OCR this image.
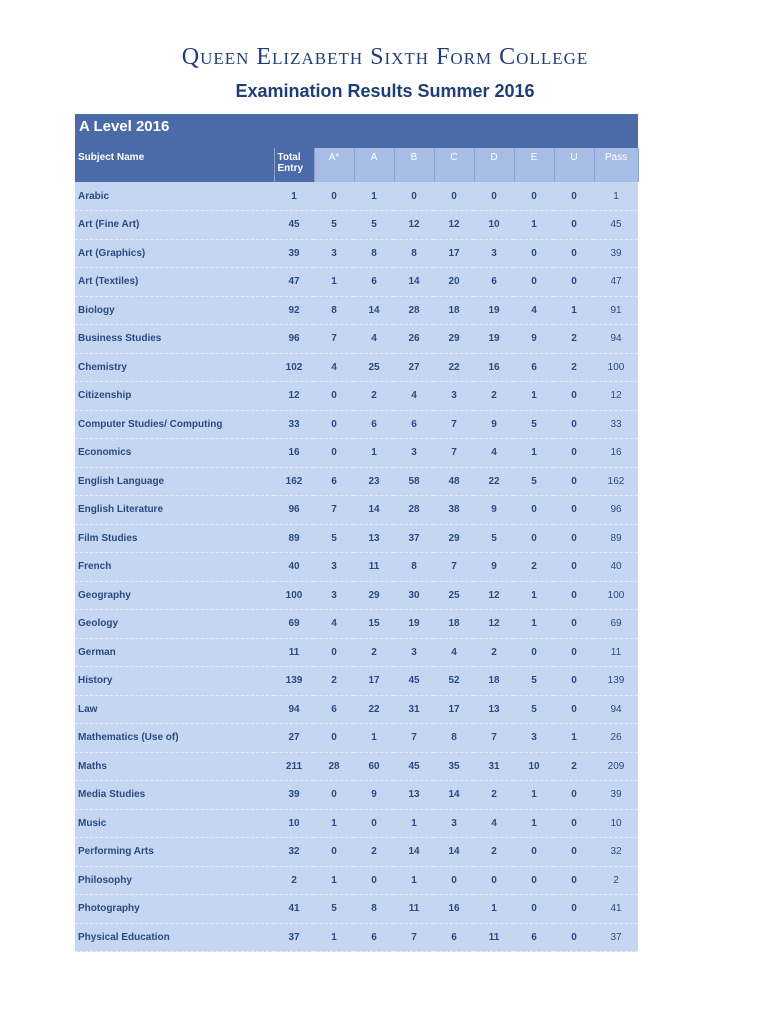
Queen Elizabeth Sixth Form College
Examination Results Summer 2016
A Level 2016
Subject Name	Total Entry	A*	A	B	C	D	E	U	Pass
Arabic	1	0	1	0	0	0	0	0	1
Art (Fine Art)	45	5	5	12	12	10	1	0	45
Art (Graphics)	39	3	8	8	17	3	0	0	39
Art (Textiles)	47	1	6	14	20	6	0	0	47
Biology	92	8	14	28	18	19	4	1	91
Business Studies	96	7	4	26	29	19	9	2	94
Chemistry	102	4	25	27	22	16	6	2	100
Citizenship	12	0	2	4	3	2	1	0	12
Computer Studies/ Computing	33	0	6	6	7	9	5	0	33
Economics	16	0	1	3	7	4	1	0	16
English Language	162	6	23	58	48	22	5	0	162
English Literature	96	7	14	28	38	9	0	0	96
Film Studies	89	5	13	37	29	5	0	0	89
French	40	3	11	8	7	9	2	0	40
Geography	100	3	29	30	25	12	1	0	100
Geology	69	4	15	19	18	12	1	0	69
German	11	0	2	3	4	2	0	0	11
History	139	2	17	45	52	18	5	0	139
Law	94	6	22	31	17	13	5	0	94
Mathematics (Use of)	27	0	1	7	8	7	3	1	26
Maths	211	28	60	45	35	31	10	2	209
Media Studies	39	0	9	13	14	2	1	0	39
Music	10	1	0	1	3	4	1	0	10
Performing Arts	32	0	2	14	14	2	0	0	32
Philosophy	2	1	0	1	0	0	0	0	2
Photography	41	5	8	11	16	1	0	0	41
Physical Education	37	1	6	7	6	11	6	0	37
